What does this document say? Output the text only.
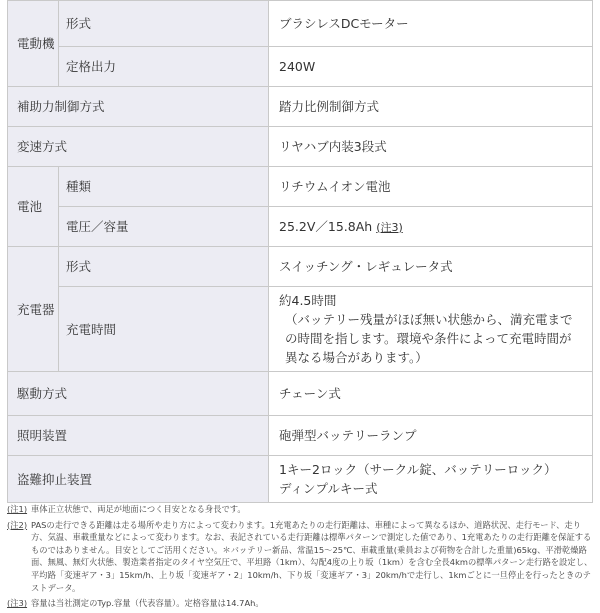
電動機	形式	ブラシレスDCモーター
	定格出力	240W
補助力制御方式		踏力比例制御方式
変速方式		リヤハブ内装3段式
電池	種類	リチウムイオン電池
	電圧／容量	25.2V／15.8Ah (注3)
充電器	形式	スイッチング・レギュレータ式
	充電時間	約4.5時間
（バッテリー残量がほぼ無い状態から、満充電までの時間を指します。環境や条件によって充電時間が異なる場合があります。）

駆動方式		チェーン式
照明装置		砲弾型バッテリーランプ
盗難抑止装置		1キー2ロック（サークル錠、バッテリーロック）
ディンプルキー式
(注1) 車体正立状態で、両足が地面につく目安となる身長です。
(注2) PASの走行できる距離は走る場所や走り方によって変わります。1充電あたりの走行距離は、車種によって異なるほか、道路状況、走行モード、走り方、気温、車載重量などによって変わります。なお、表記されている走行距離は標準パターンで測定した値であり、1充電あたりの走行距離を保証するものではありません。目安としてご活用ください。＊バッテリー新品、常温15〜25℃、車載重量(乗員および荷物を合計した重量)65kg、平滑乾燥路面、無風、無灯火状態、製造業者指定のタイヤ空気圧で、平坦路（1km）、勾配4度の上り坂（1km）を含む全長4kmの標準パターン走行路を設定し、平均路「変速ギア・3」15km/h、上り坂「変速ギア・2」10km/h、下り坂「変速ギア・3」20km/hで走行し、1kmごとに一旦停止を行ったときのテストデータ。
(注3) 容量は当社測定のTyp.容量（代表容量）。定格容量は14.7Ah。
